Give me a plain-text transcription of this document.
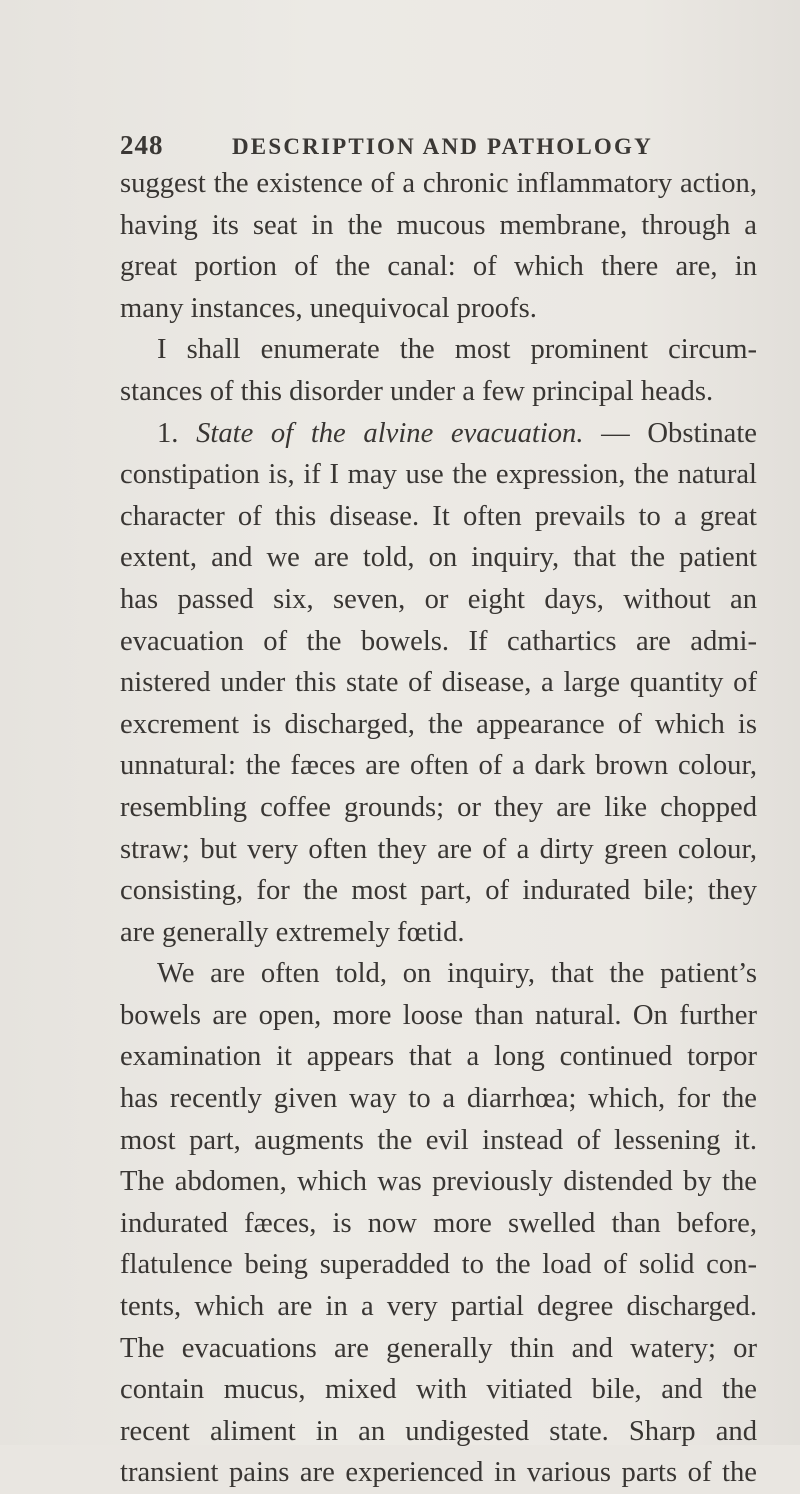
248	DESCRIPTION AND PATHOLOGY
suggest the existence of a chronic inflammatory action,
having its seat in the mucous membrane, through a
great portion of the canal: of which there are, in
many instances, unequivocal proofs.
I shall enumerate the most prominent circum-
stances of this disorder under a few principal heads.
1. State of the alvine evacuation. — Obstinate
constipation is, if I may use the expression, the natural
character of this disease. It often prevails to a great
extent, and we are told, on inquiry, that the patient
has passed six, seven, or eight days, without an
evacuation of the bowels. If cathartics are admi-
nistered under this state of disease, a large quantity of
excrement is discharged, the appearance of which is
unnatural: the fæces are often of a dark brown colour,
resembling coffee grounds; or they are like chopped
straw; but very often they are of a dirty green colour,
consisting, for the most part, of indurated bile; they
are generally extremely fœtid.
We are often told, on inquiry, that the patient’s
bowels are open, more loose than natural. On further
examination it appears that a long continued torpor
has recently given way to a diarrhœa; which, for the
most part, augments the evil instead of lessening it.
The abdomen, which was previously distended by the
indurated fæces, is now more swelled than before,
flatulence being superadded to the load of solid con-
tents, which are in a very partial degree discharged.
The evacuations are generally thin and watery; or
contain mucus, mixed with vitiated bile, and the
recent aliment in an undigested state. Sharp and
transient pains are experienced in various parts of the
